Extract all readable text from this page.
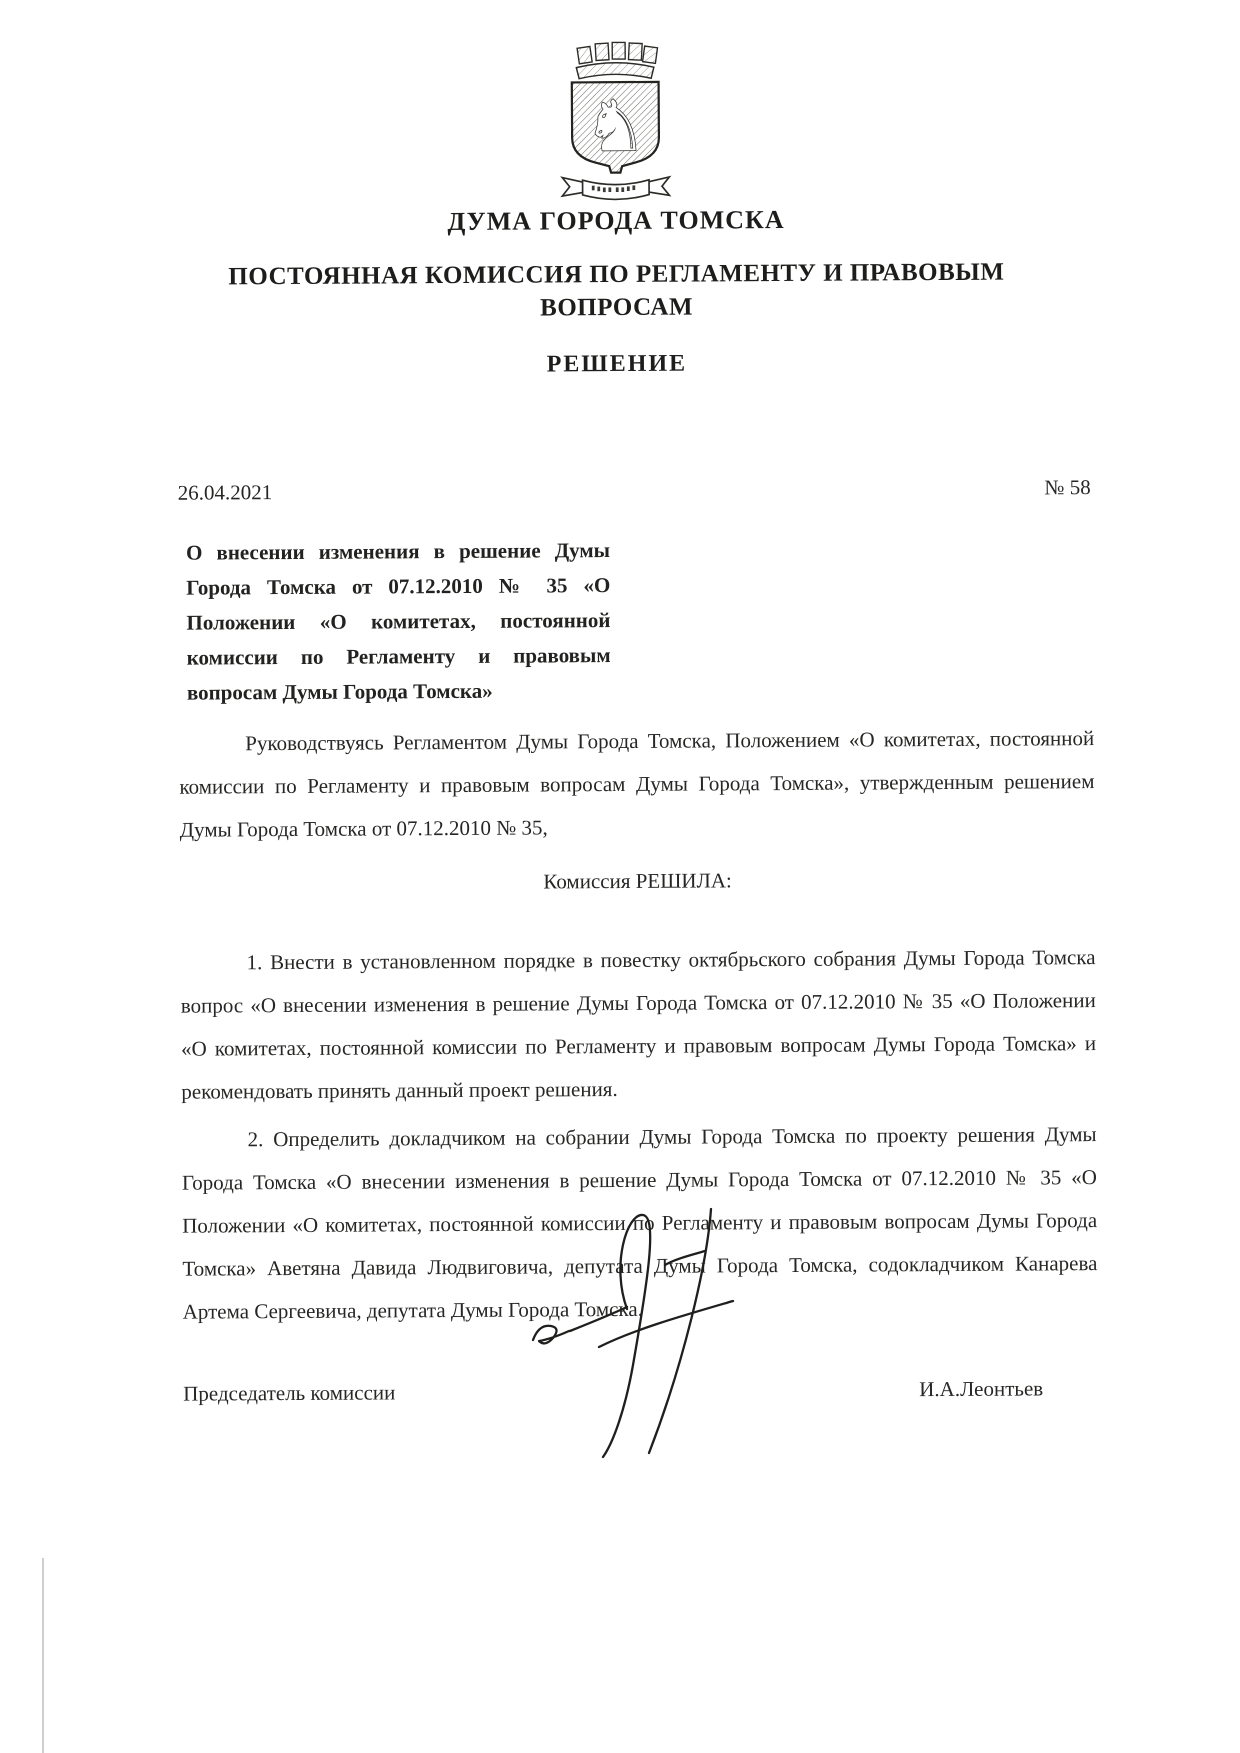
♞
ДУМА ГОРОДА ТОМСКА
ПОСТОЯННАЯ КОМИССИЯ ПО РЕГЛАМЕНТУ И ПРАВОВЫМ ВОПРОСАМ
РЕШЕНИЕ
26.04.2021	№ 58

О внесении изменения в решение Думы Города Томска от 07.12.2010 № 35 «О Положении «О комитетах, постоянной комиссии по Регламенту и правовым вопросам Думы Города Томска»

Руководствуясь Регламентом Думы Города Томска, Положением «О комитетах, постоянной комиссии по Регламенту и правовым вопросам Думы Города Томска», утвержденным решением Думы Города Томска от 07.12.2010 № 35,

Комиссия РЕШИЛА:

1. Внести в установленном порядке в повестку октябрьского собрания Думы Города Томска вопрос «О внесении изменения в решение Думы Города Томска от 07.12.2010 № 35 «О Положении «О комитетах, постоянной комиссии по Регламенту и правовым вопросам Думы Города Томска» и рекомендовать принять данный проект решения.

2. Определить докладчиком на собрании Думы Города Томска по проекту решения Думы Города Томска «О внесении изменения в решение Думы Города Томска от 07.12.2010 № 35 «О Положении «О комитетах, постоянной комиссии по Регламенту и правовым вопросам Думы Города Томска» Аветяна Давида Людвиговича, депутата Думы Города Томска, содокладчиком Канарева Артема Сергеевича, депутата Думы Города Томска.

Председатель комиссии	И.А.Леонтьев
